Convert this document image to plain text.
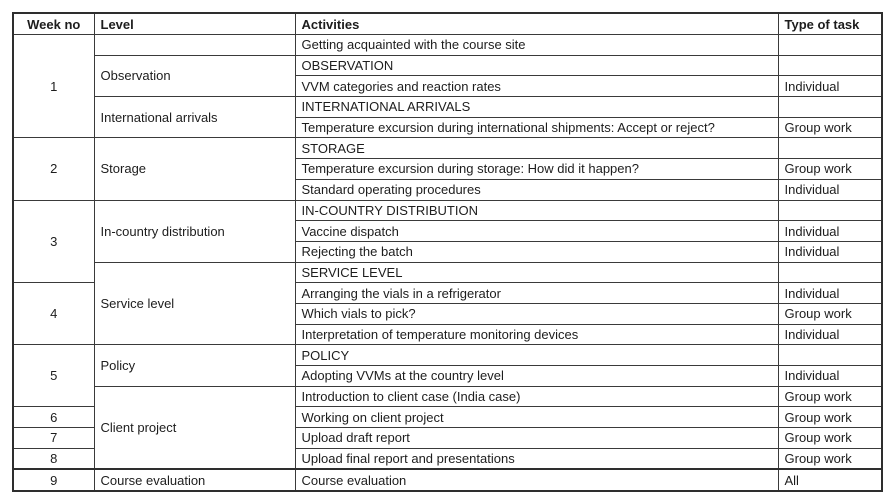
Week no	Level	Activities	Type of task
1		Getting acquainted with the course site	
	Observation	OBSERVATION	
		VVM categories and reaction rates	Individual
	International arrivals	INTERNATIONAL ARRIVALS	
		Temperature excursion during international shipments: Accept or reject?	Group work
2	Storage	STORAGE	
		Temperature excursion during storage: How did it happen?	Group work
		Standard operating procedures	Individual
3	In-country distribution	IN-COUNTRY DISTRIBUTION	
		Vaccine dispatch	Individual
		Rejecting the batch	Individual
	Service level	SERVICE LEVEL	
4		Arranging the vials in a refrigerator	Individual
		Which vials to pick?	Group work
		Interpretation of temperature monitoring devices	Individual
5	Policy	POLICY	
		Adopting VVMs at the country level	Individual
	Client project	Introduction to client case (India case)	Group work
6		Working on client project	Group work
7		Upload draft report	Group work
8		Upload final report and presentations	Group work
9	Course evaluation	Course evaluation	All
